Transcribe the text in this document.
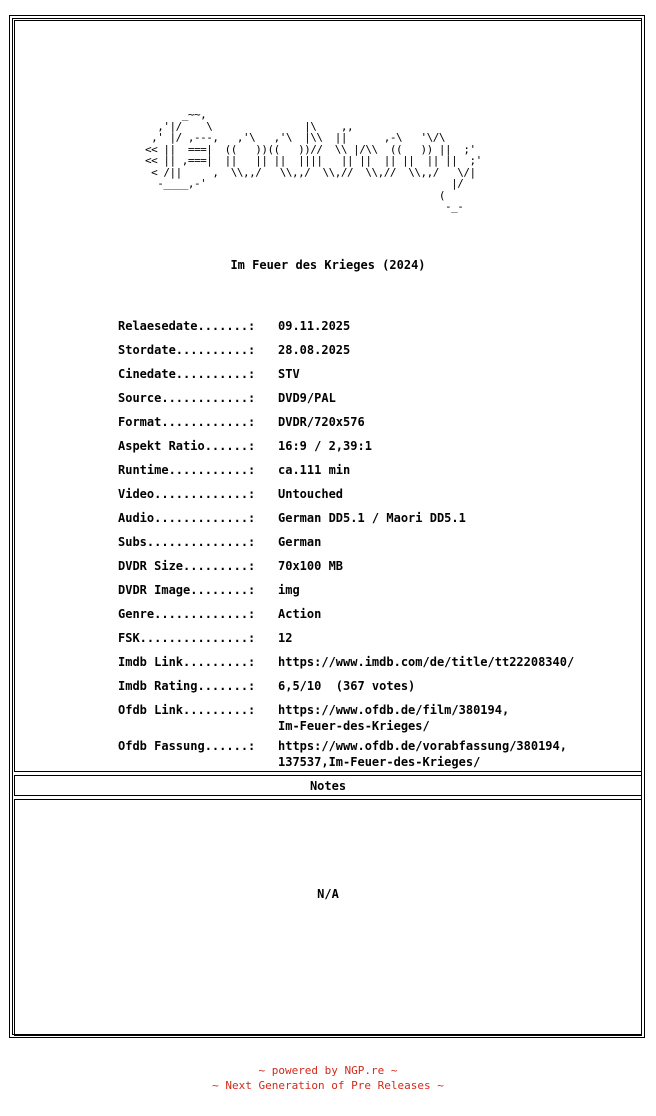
_~~,
,'|/    \               |\    ,,
,' |/ ,---,   ,'\   ,'\  |\\  ||      ,-\   '\/\
<< ||  ===|  ((   ))((   ))//  \\ |/\\  ((   )) ||  ;'
<< || ,===|  ||   || ||  ||||   || ||  || ||  || ||  ;'
< /||     ,  \\,,/   \\,,/  \\,//  \\,//  \\,,/   \/|
-____,-'                                        |/
(
-_-
Im Feuer des Krieges (2024)
Relaesedate.......:	09.11.2025
Stordate..........:	28.08.2025
Cinedate..........:	STV
Source............:	DVD9/PAL
Format............:	DVDR/720x576
Aspekt Ratio......:	16:9 / 2,39:1
Runtime...........:	ca.111 min
Video.............:	Untouched
Audio.............:	German DD5.1 / Maori DD5.1
Subs..............:	German
DVDR Size.........:	70x100 MB
DVDR Image........:	img
Genre.............:	Action
FSK...............:	12
Imdb Link.........:	https://www.imdb.com/de/title/tt22208340/
Imdb Rating.......:	6,5/10  (367 votes)
Ofdb Link.........:	https://www.ofdb.de/film/380194,
Im-Feuer-des-Krieges/
Ofdb Fassung......:	https://www.ofdb.de/vorabfassung/380194,
137537,Im-Feuer-des-Krieges/
Notes
N/A
~ powered by NGP.re ~
~ Next Generation of Pre Releases ~
